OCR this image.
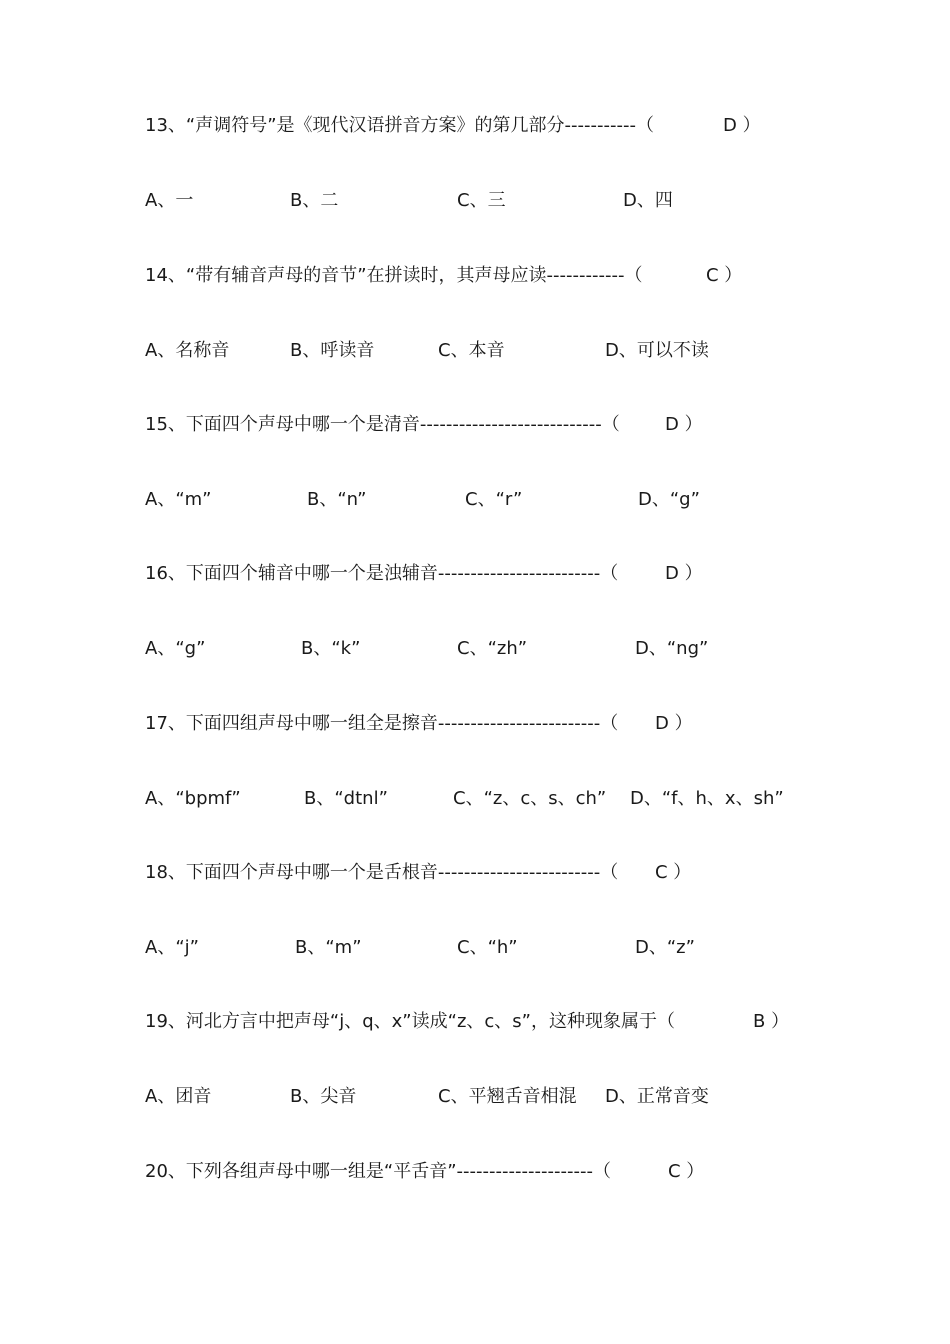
13、“声调符号”是《现代汉语拼音方案》的第几部分-----------（	D ）
A、一	B、二	C、三	D、四
14、“带有辅音声母的音节”在拼读时，其声母应读------------（	C ）
A、名称音	B、呼读音	C、本音	D、可以不读
15、下面四个声母中哪一个是清音----------------------------（	D ）
A、“m”	B、“n”	C、“r”	D、“g”
16、下面四个辅音中哪一个是浊辅音-------------------------（	D ）
A、“g”	B、“k”	C、“zh”	D、“ng”
17、下面四组声母中哪一组全是擦音-------------------------（ D ）
A、“bpmf”	B、“dtnl”	C、“z、c、s、ch” D、“f、h、x、sh”
18、下面四个声母中哪一个是舌根音-------------------------（ C ）
A、“j”	B、“m”	C、“h”	D、“z”
19、河北方言中把声母“j、q、x”读成“z、c、s”，这种现象属于（	B ）
A、团音	B、尖音	C、平翘舌音相混 D、正常音变
20、下列各组声母中哪一组是“平舌音”---------------------（	C ）
